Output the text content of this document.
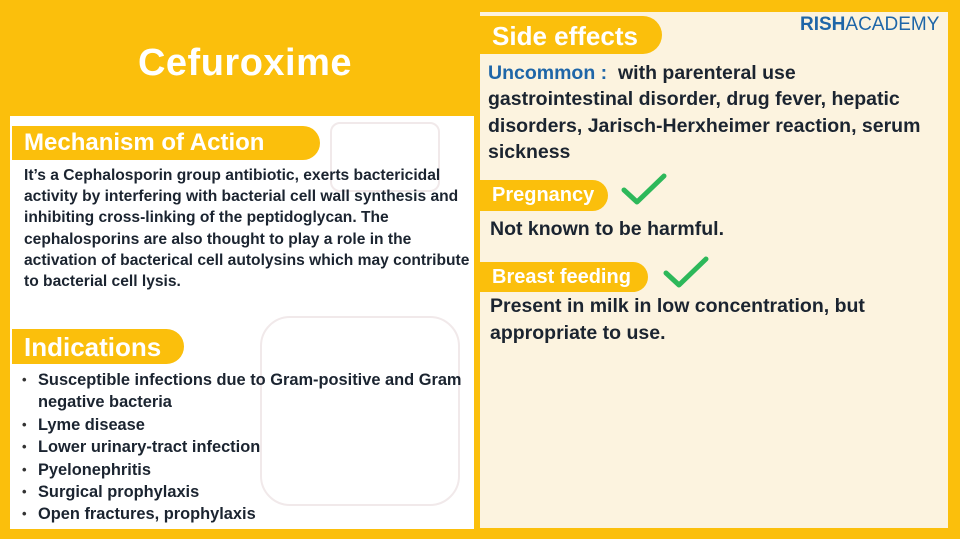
Cefuroxime
RISHACADEMY
Mechanism of Action
It’s a Cephalosporin group antibiotic, exerts bactericidal activity by interfering with bacterial cell wall synthesis and inhibiting cross-linking of the peptidoglycan. The cephalosporins are also thought to play a role in the activation of bacterical cell autolysins which may contribute to bacterial cell lysis.
Indications
• Susceptible infections due to Gram-positive and Gram negative bacteria
• Lyme disease
• Lower urinary-tract infection
• Pyelonephritis
• Surgical prophylaxis
• Open fractures, prophylaxis
Side effects
Uncommon : with parenteral use gastrointestinal disorder, drug fever, hepatic disorders, Jarisch-Herxheimer reaction, serum sickness
Pregnancy
Not known to be harmful.
Breast feeding
Present in milk in low concentration, but appropriate to use.
